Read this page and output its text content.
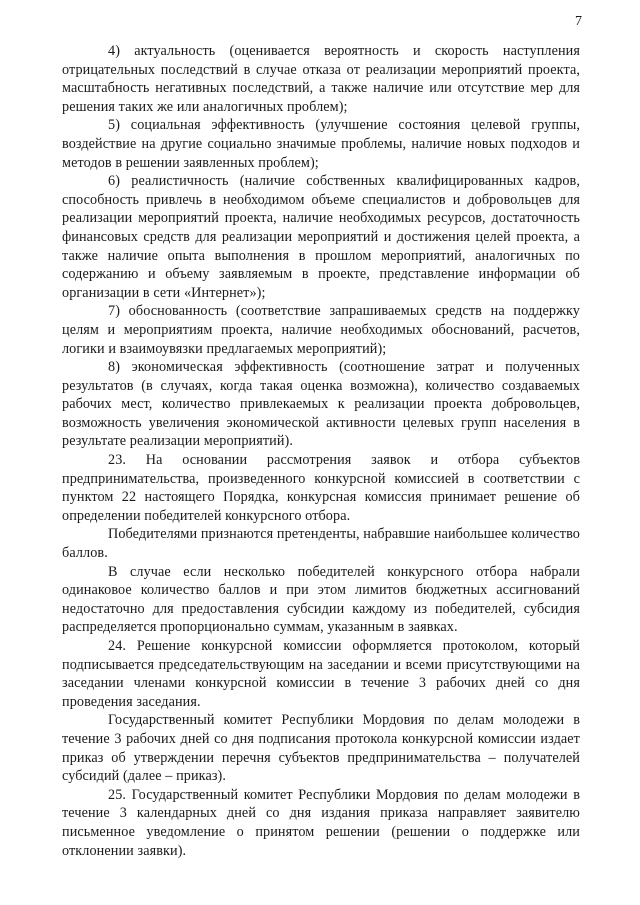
7

4) актуальность (оценивается вероятность и скорость наступления отрицательных последствий в случае отказа от реализации мероприятий проекта, масштабность негативных последствий, а также наличие или отсутствие мер для решения таких же или аналогичных проблем);

5) социальная эффективность (улучшение состояния целевой группы, воздействие на другие социально значимые проблемы, наличие новых подходов и методов в решении заявленных проблем);

6) реалистичность (наличие собственных квалифицированных кадров, способность привлечь в необходимом объеме специалистов и добровольцев для реализации мероприятий проекта, наличие необходимых ресурсов, достаточность финансовых средств для реализации мероприятий и достижения целей проекта, а также наличие опыта выполнения в прошлом мероприятий, аналогичных по содержанию и объему заявляемым в проекте, представление информации об организации в сети «Интернет»);

7) обоснованность (соответствие запрашиваемых средств на поддержку целям и мероприятиям проекта, наличие необходимых обоснований, расчетов, логики и взаимоувязки предлагаемых мероприятий);

8) экономическая эффективность (соотношение затрат и полученных результатов (в случаях, когда такая оценка возможна), количество создаваемых рабочих мест, количество привлекаемых к реализации проекта добровольцев, возможность увеличения экономической активности целевых групп населения в результате реализации мероприятий).

23. На основании рассмотрения заявок и отбора субъектов предпринимательства, произведенного конкурсной комиссией в соответствии с пунктом 22 настоящего Порядка, конкурсная комиссия принимает решение об определении победителей конкурсного отбора.

Победителями признаются претенденты, набравшие наибольшее количество баллов.

В случае если несколько победителей конкурсного отбора набрали одинаковое количество баллов и при этом лимитов бюджетных ассигнований недостаточно для предоставления субсидии каждому из победителей, субсидия распределяется пропорционально суммам, указанным в заявках.

24. Решение конкурсной комиссии оформляется протоколом, который подписывается председательствующим на заседании и всеми присутствующими на заседании членами конкурсной комиссии в течение 3 рабочих дней со дня проведения заседания.

Государственный комитет Республики Мордовия по делам молодежи в течение 3 рабочих дней со дня подписания протокола конкурсной комиссии издает приказ об утверждении перечня субъектов предпринимательства – получателей субсидий (далее – приказ).

25. Государственный комитет Республики Мордовия по делам молодежи в течение 3 календарных дней со дня издания приказа направляет заявителю письменное уведомление о принятом решении (решении о поддержке или отклонении заявки).
